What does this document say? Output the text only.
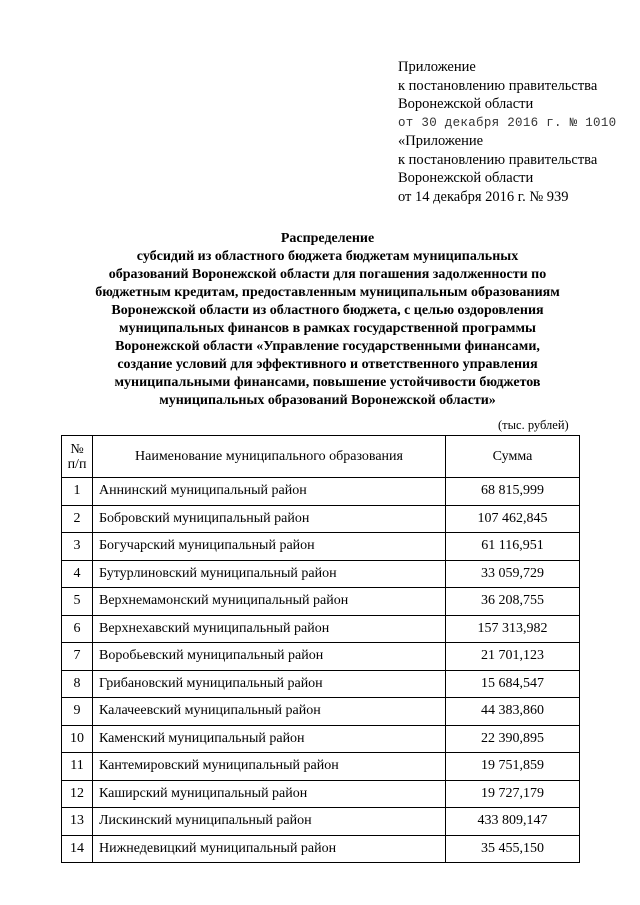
Приложение
к постановлению правительства
Воронежской области
от 30 декабря 2016 г. № 1010
«Приложение
к постановлению правительства
Воронежской области
от 14 декабря 2016 г. № 939
Распределение
субсидий из областного бюджета бюджетам муниципальных
образований Воронежской области для погашения задолженности по
бюджетным кредитам, предоставленным муниципальным образованиям
Воронежской области из областного бюджета, с целью оздоровления
муниципальных финансов в рамках государственной программы
Воронежской области «Управление государственными финансами,
создание условий для эффективного и ответственного управления
муниципальными финансами, повышение устойчивости бюджетов
муниципальных образований Воронежской области»
(тыс. рублей)
№
п/п	Наименование муниципального образования	Сумма
1	Аннинский муниципальный район	68 815,999
2	Бобровский муниципальный район	107 462,845
3	Богучарский муниципальный район	61 116,951
4	Бутурлиновский муниципальный район	33 059,729
5	Верхнемамонский муниципальный район	36 208,755
6	Верхнехавский муниципальный район	157 313,982
7	Воробьевский муниципальный район	21 701,123
8	Грибановский муниципальный район	15 684,547
9	Калачеевский муниципальный район	44 383,860
10	Каменский муниципальный район	22 390,895
11	Кантемировский муниципальный район	19 751,859
12	Каширский муниципальный район	19 727,179
13	Лискинский муниципальный район	433 809,147
14	Нижнедевицкий муниципальный район	35 455,150
